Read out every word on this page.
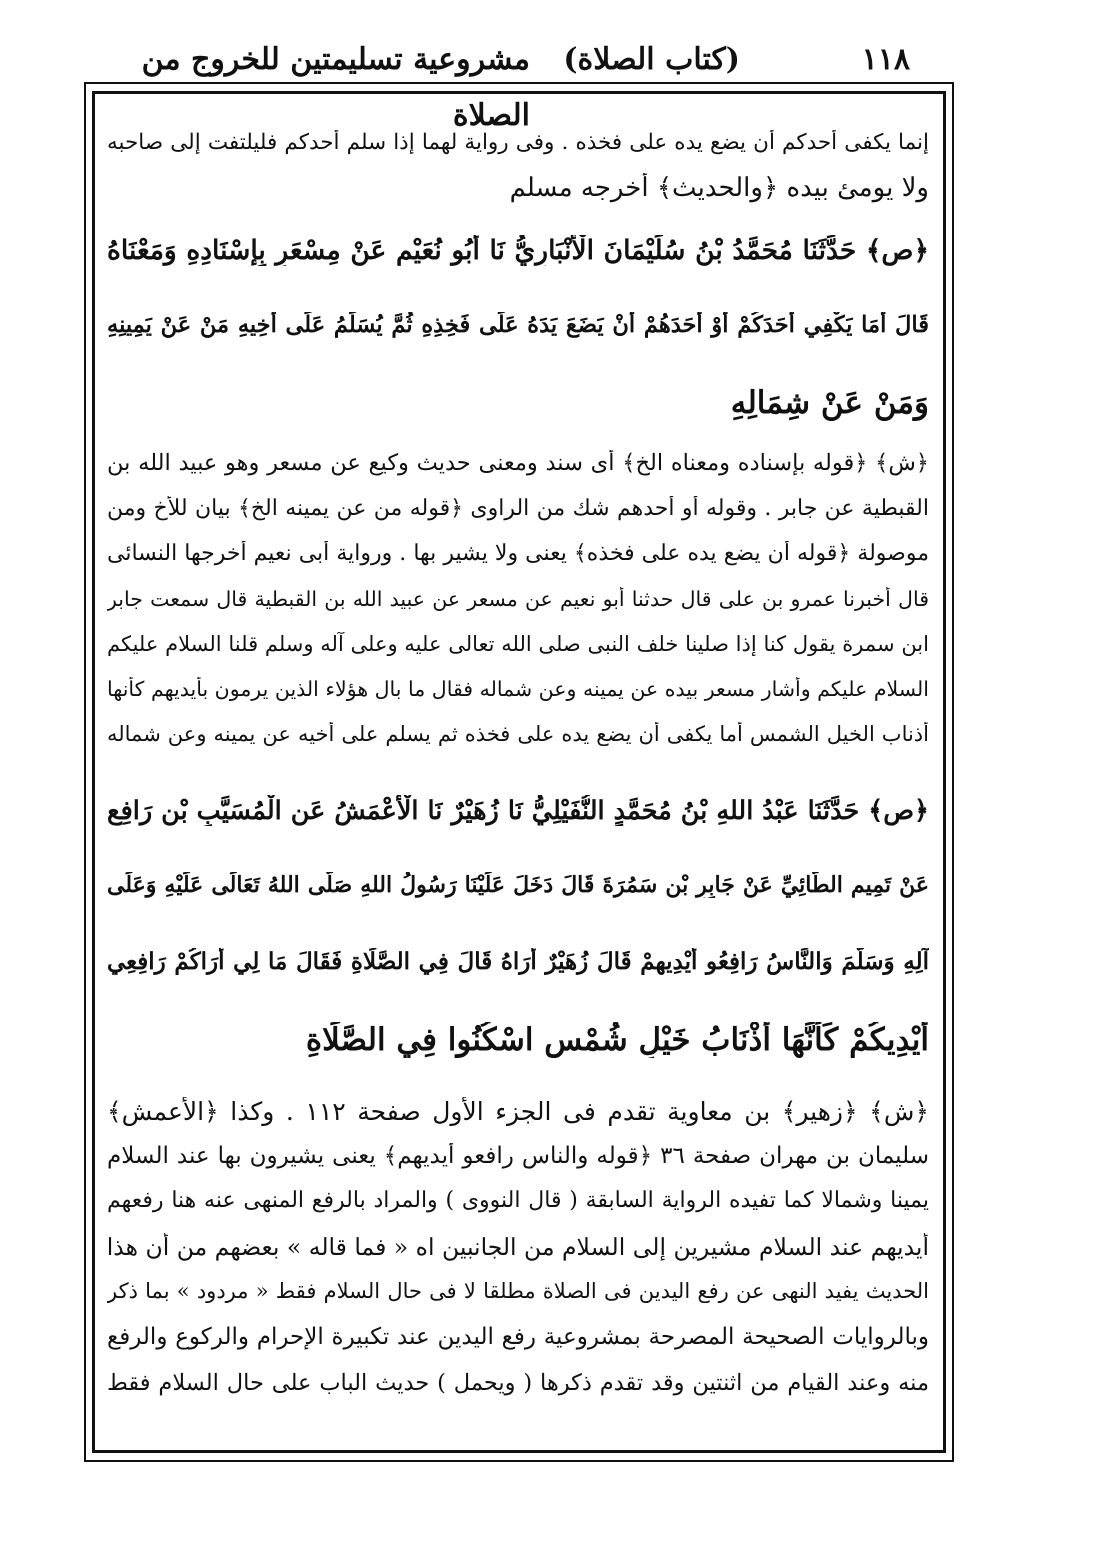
١١٨
(كتاب الصلاة)
مشروعية تسليمتين للخروج من الصلاة
إنما يكفى أحدكم أن يضع يده على فخذه . وفى رواية لهما إذا سلم أحدكم فليلتفت إلى صاحبه
ولا يومئ بيده ﴿والحديث﴾ أخرجه مسلم
﴿ص﴾ حَدَّثَنَا مُحَمَّدُ بْنُ سُلَيْمَانَ الْأَنْبَارِيُّ نَا أَبُو نُعَيْمٍ عَنْ مِسْعَرٍ بِإِسْنَادِهِ وَمَعْنَاهُ
قَالَ أَمَا يَكْفِي أَحَدَكُمْ أَوْ أَحَدَهُمْ أَنْ يَضَعَ يَدَهُ عَلَى فَخِذِهِ ثُمَّ يُسَلِّمُ عَلَى أَخِيهِ مَنْ عَنْ يَمِينِهِ
وَمَنْ عَنْ شِمَالِهِ
﴿ش﴾ ﴿قوله بإسناده ومعناه الخ﴾ أى سند ومعنى حديث وكيع عن مسعر وهو عبيد الله بن
القبطية عن جابر . وقوله أو أحدهم شك من الراوى ﴿قوله من عن يمينه الخ﴾ بيان للأخ ومن
موصولة ﴿قوله أن يضع يده على فخذه﴾ يعنى ولا يشير بها . ورواية أبى نعيم أخرجها النسائى
قال أخبرنا عمرو بن على قال حدثنا أبو نعيم عن مسعر عن عبيد الله بن القبطية قال سمعت جابر
ابن سمرة يقول كنا إذا صلينا خلف النبى صلى الله تعالى عليه وعلى آله وسلم قلنا السلام عليكم
السلام عليكم وأشار مسعر بيده عن يمينه وعن شماله فقال ما بال هؤلاء الذين يرمون بأيديهم كأنها
أذناب الخيل الشمس أما يكفى أن يضع يده على فخذه ثم يسلم على أخيه عن يمينه وعن شماله
﴿ص﴾ حَدَّثَنَا عَبْدُ اللهِ بْنُ مُحَمَّدٍ النُّفَيْلِيُّ نَا زُهَيْرٌ نَا الْأَعْمَشُ عَنِ الْمُسَيَّبِ بْنِ رَافِعٍ
عَنْ تَمِيمٍ الطَّائِيِّ عَنْ جَابِرِ بْنِ سَمُرَةَ قَالَ دَخَلَ عَلَيْنَا رَسُولُ اللهِ صَلَّى اللهُ تَعَالَى عَلَيْهِ وَعَلَى
آلِهِ وَسَلَّمَ وَالنَّاسُ رَافِعُو أَيْدِيهِمْ قَالَ زُهَيْرٌ أُرَاهُ قَالَ فِي الصَّلَاةِ فَقَالَ مَا لِي أَرَاكُمْ رَافِعِي
أَيْدِيكُمْ كَأَنَّهَا أَذْنَابُ خَيْلٍ شُمْسٍ اسْكُنُوا فِي الصَّلَاةِ
﴿ش﴾ ﴿زهير﴾ بن معاوية تقدم فى الجزء الأول صفحة ١١٢ . وكذا ﴿الأعمش﴾
سليمان بن مهران صفحة ٣٦ ﴿قوله والناس رافعو أيديهم﴾ يعنى يشيرون بها عند السلام
يمينا وشمالا كما تفيده الرواية السابقة ( قال النووى ) والمراد بالرفع المنهى عنه هنا رفعهم
أيديهم عند السلام مشيرين إلى السلام من الجانبين اه « فما قاله » بعضهم من أن هذا
الحديث يفيد النهى عن رفع اليدين فى الصلاة مطلقا لا فى حال السلام فقط « مردود » بما ذكر
وبالروايات الصحيحة المصرحة بمشروعية رفع اليدين عند تكبيرة الإحرام والركوع والرفع
منه وعند القيام من اثنتين وقد تقدم ذكرها ( ويحمل ) حديث الباب على حال السلام فقط
